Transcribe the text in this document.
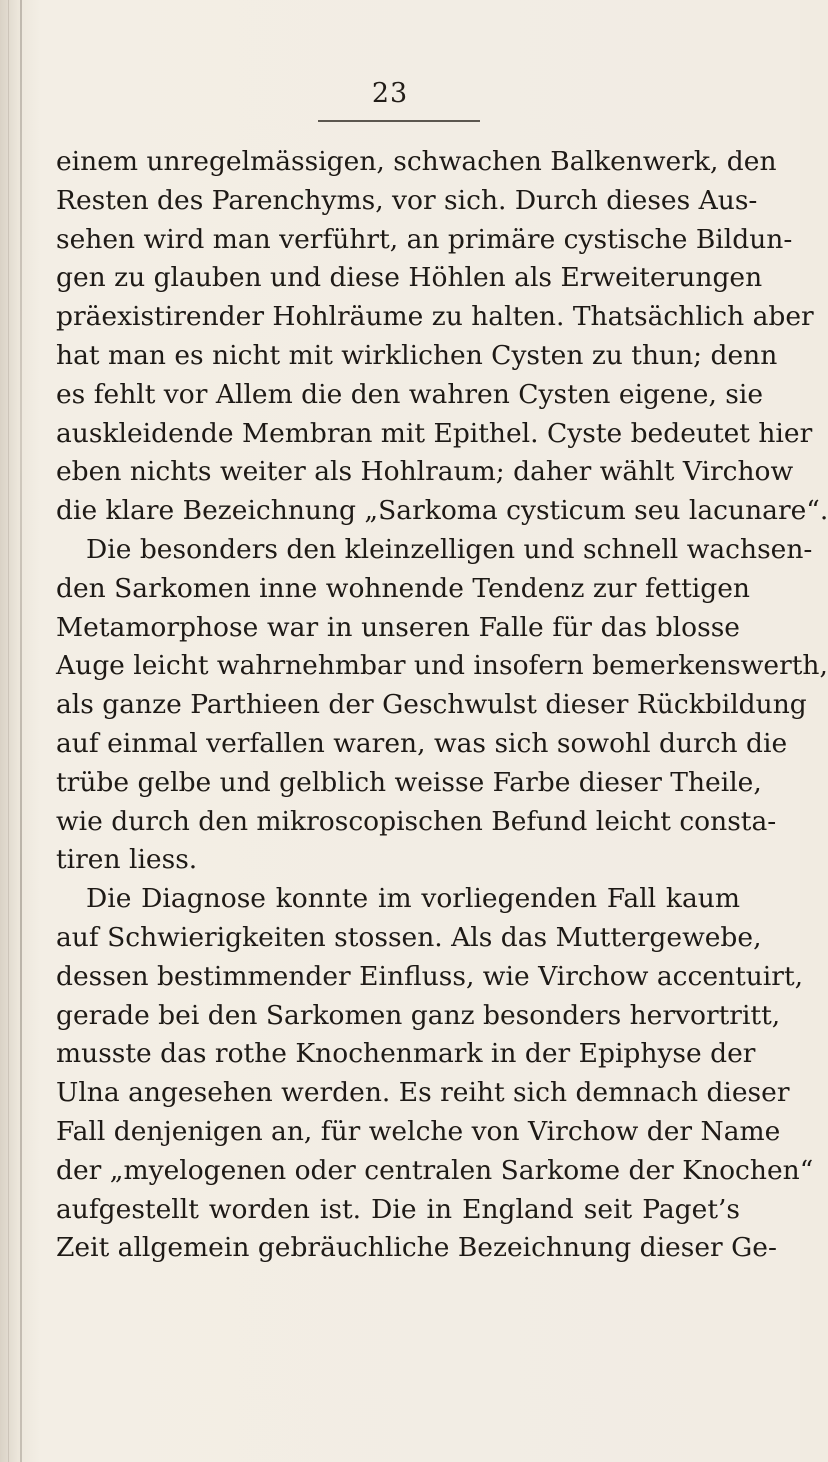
23
einem unregelmässigen, schwachen Balkenwerk, den
Resten des Parenchyms, vor sich. Durch dieses Aus-
sehen wird man verführt, an primäre cystische Bildun-
gen zu glauben und diese Höhlen als Erweiterungen
präexistirender Hohlräume zu halten. Thatsächlich aber
hat man es nicht mit wirklichen Cysten zu thun; denn
es fehlt vor Allem die den wahren Cysten eigene, sie
auskleidende Membran mit Epithel. Cyste bedeutet hier
eben nichts weiter als Hohlraum; daher wählt Virchow
die klare Bezeichnung „Sarkoma cysticum seu lacunare“.
Die besonders den kleinzelligen und schnell wachsen-
den Sarkomen inne wohnende Tendenz zur fettigen
Metamorphose war in unseren Falle für das blosse
Auge leicht wahrnehmbar und insofern bemerkenswerth,
als ganze Parthieen der Geschwulst dieser Rückbildung
auf einmal verfallen waren, was sich sowohl durch die
trübe gelbe und gelblich weisse Farbe dieser Theile,
wie durch den mikroscopischen Befund leicht consta-
tiren liess.
Die Diagnose konnte im vorliegenden Fall kaum
auf Schwierigkeiten stossen. Als das Muttergewebe,
dessen bestimmender Einfluss, wie Virchow accentuirt,
gerade bei den Sarkomen ganz besonders hervortritt,
musste das rothe Knochenmark in der Epiphyse der
Ulna angesehen werden. Es reiht sich demnach dieser
Fall denjenigen an, für welche von Virchow der Name
der „myelogenen oder centralen Sarkome der Knochen“
aufgestellt worden ist. Die in England seit Paget’s
Zeit allgemein gebräuchliche Bezeichnung dieser Ge-
